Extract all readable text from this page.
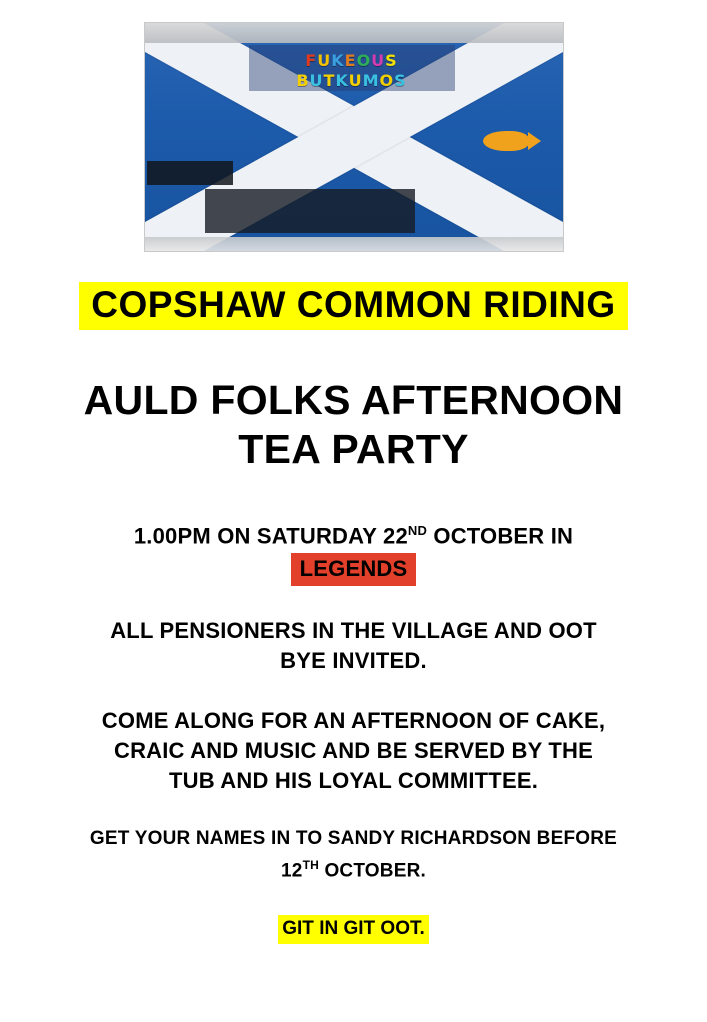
FUKEOUS
BUTKUMOS
COPSHAW COMMON RIDING
AULD FOLKS AFTERNOON
TEA PARTY
1.00PM ON SATURDAY 22ND OCTOBER IN
LEGENDS
ALL PENSIONERS IN THE VILLAGE AND OOT
BYE INVITED.
COME ALONG FOR AN AFTERNOON OF CAKE,
CRAIC AND MUSIC AND BE SERVED BY THE
TUB AND HIS LOYAL COMMITTEE.
GET YOUR NAMES IN TO SANDY RICHARDSON BEFORE
12TH OCTOBER.
GIT IN GIT OOT.
